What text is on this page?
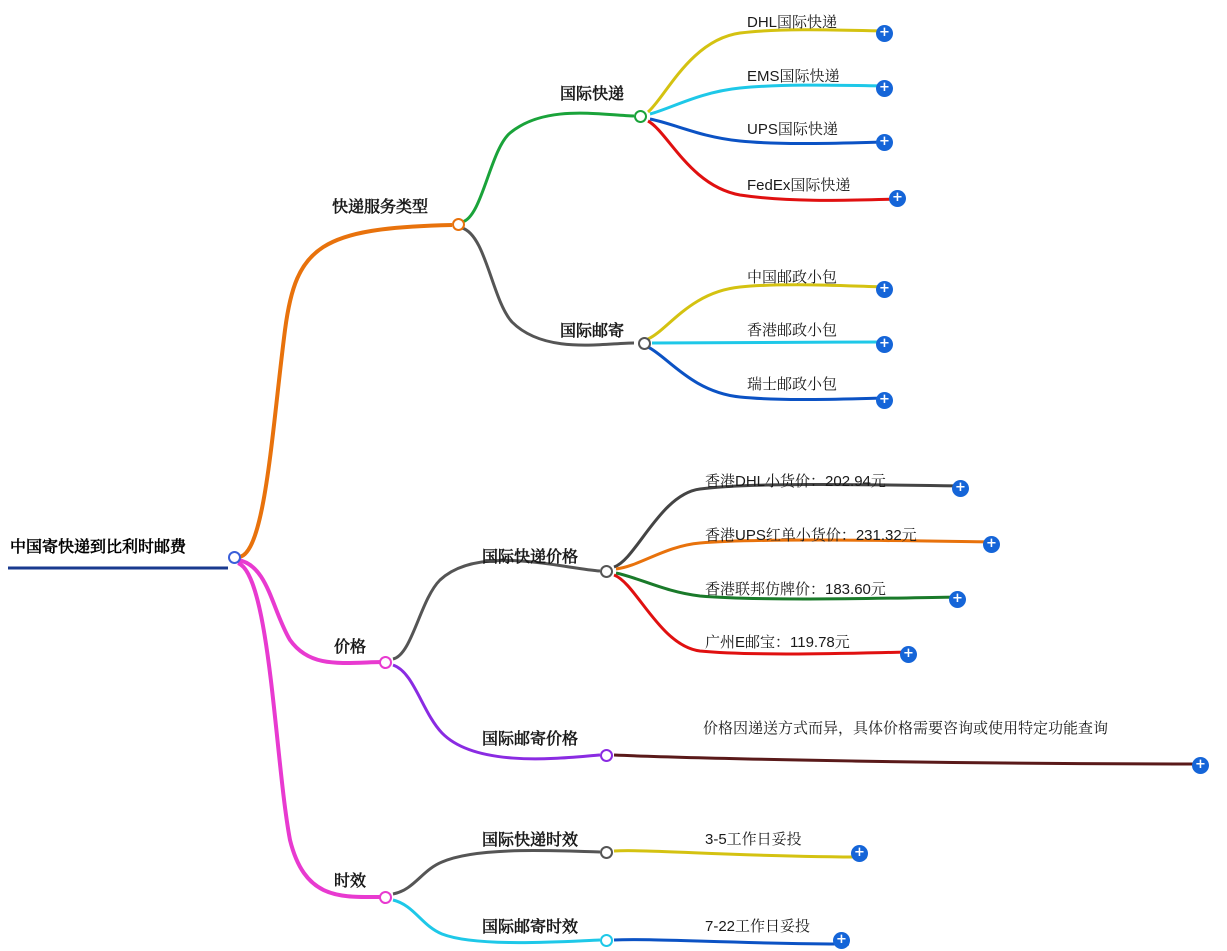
中国寄快递到比利时邮费
快递服务类型
国际快递
DHL国际快递
+
EMS国际快递
+
UPS国际快递
+
FedEx国际快递
+
国际邮寄
中国邮政小包
+
香港邮政小包
+
瑞士邮政小包
+
价格
国际快递价格
香港DHL小货价：202.94元	+
香港UPS红单小货价：231.32元	+
香港联邦仿牌价：183.60元
+
广州E邮宝：119.78元
+
国际邮寄价格
价格因递送方式而异，具体价格需要咨询或使用特定功能查询
+
时效
国际快递时效	3-5工作日妥投
+
国际邮寄时效	7-22工作日妥投
+
